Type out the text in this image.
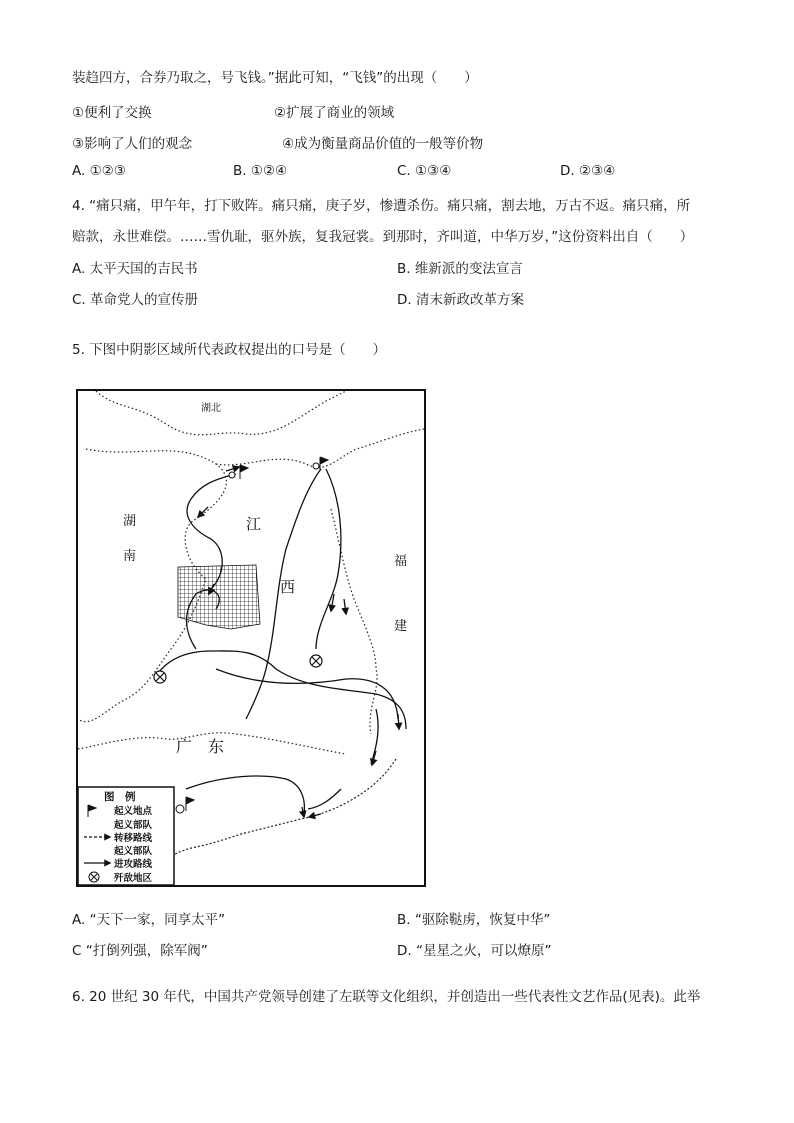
装趋四方，合券乃取之，号飞钱。”据此可知，“飞钱”的出现（　　）
①便利了交换	②扩展了商业的领域
③影响了人们的观念	④成为衡量商品价值的一般等价物
A. ①②③	B. ①②④	C. ①③④	D. ②③④
4. “痛只痛，甲午年，打下败阵。痛只痛，庚子岁，惨遭杀伤。痛只痛，割去地，万古不返。痛只痛，所
赔款，永世难偿。……雪仇耻，驱外族，复我冠裳。到那时，齐叫道，中华万岁，”这份资料出自（　　）
A. 太平天国的吉民书	B. 维新派的变法宣言
C. 革命党人的宣传册	D. 清末新政改革方案
5. 下图中阴影区域所代表政权提出的口号是（　　）
湖北
湖
南
江
西
福
建
广　东
图　例
起义地点
起义部队
转移路线
起义部队
进攻路线
歼敌地区
A. “天下一家，同享太平”	B. “驱除鞑虏，恢复中华”
C “打倒列强，除军阀”	D. “星星之火，可以燎原”
6. 20 世纪 30 年代，中国共产党领导创建了左联等文化组织，并创造出一些代表性文艺作品(见表)。此举
